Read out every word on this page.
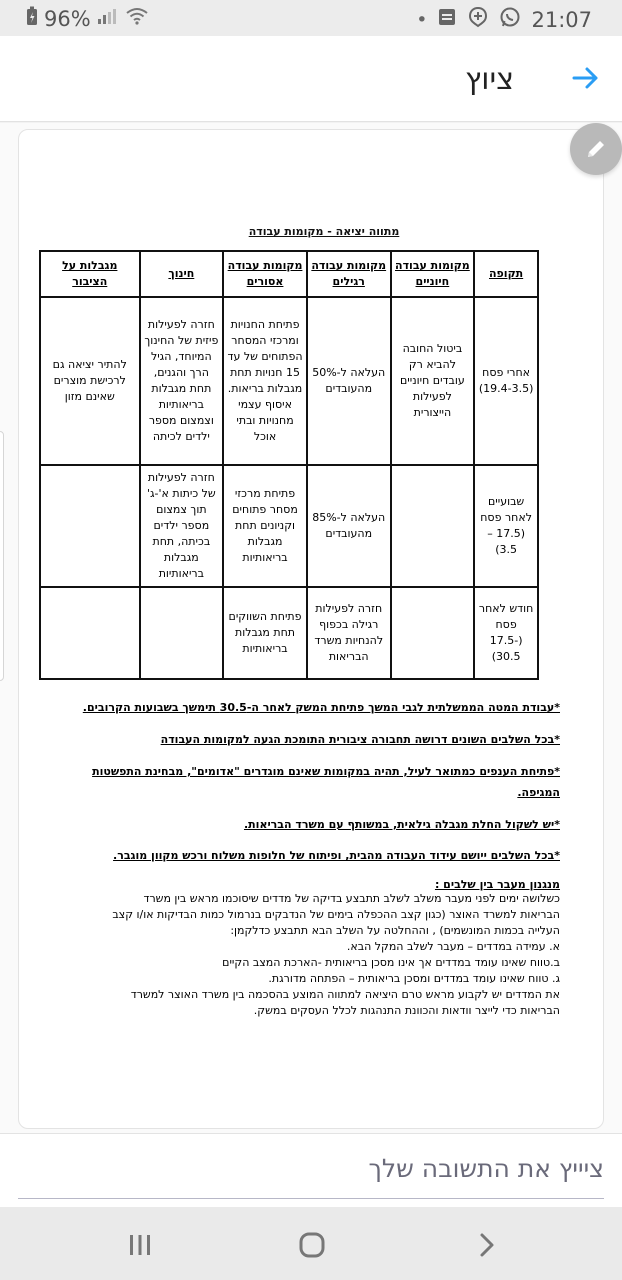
96%	•	21:07
ציוץ
מתווה יציאה - מקומות עבודה
תקופה	מקומות עבודה חיוניים	מקומות עבודה רגילים	מקומות עבודה אסורים	חינוך	מגבלות על הציבור
אחרי פסח (19.4-3.5)	ביטול החובה להביא רק עובדים חיוניים לפעילות הייצורית	העלאה ל-50% מהעובדים	פתיחת החנויות ומרכזי המסחר הפתוחים של עד 15 חנויות תחת מגבלות בריאות. איסוף עצמי מחנויות ובתי אוכל	חזרה לפעילות פיזית של החינוך המיוחד, הגיל הרך והגנים, תחת מגבלות בריאותיות וצמצום מספר ילדים לכיתה	להתיר יציאה גם לרכישת מוצרים שאינם מזון
שבועיים לאחר פסח (17.5 – 3.5)		העלאה ל-85% מהעובדים	פתיחת מרכזי מסחר פתוחים וקניונים תחת מגבלות בריאותיות	חזרה לפעילות של כיתות א'-ג' תוך צמצום מספר ילדים בכיתה, תחת מגבלות בריאותיות	
חודש לאחר פסח (17.5-30.5)		חזרה לפעילות רגילה בכפוף להנחיות משרד הבריאות	פתיחת השווקים תחת מגבלות בריאותיות		
*עבודת המטה הממשלתית לגבי המשך פתיחת המשק לאחר ה-30.5 תימשך בשבועות הקרובים.
*בכל השלבים השונים דרושה תחבורה ציבורית התומכת הגעה למקומות העבודה
*פתיחת הענפים כמתואר לעיל, תהיה במקומות שאינם מוגדרים "אדומים", מבחינת התפשטות המגיפה.
*יש לשקול החלת מגבלה גילאית, במשותף עם משרד הבריאות.
*בכל השלבים ייושם עידוד העבודה מהבית, ופיתוח של חלופות משלוח ורכש מקוון מוגבר.
מנגנון מעבר בין שלבים :
כשלושה ימים לפני מעבר משלב לשלב תתבצע בדיקה של מדדים שיסוכמו מראש בין משרד
הבריאות למשרד האוצר (כגון קצב ההכפלה בימים של הנדבקים בנרמול כמות הבדיקות או/ו קצב
העלייה בכמות המונשמים) , וההחלטה על השלב הבא תתבצע כדלקמן:
א. עמידה במדדים – מעבר לשלב המקל הבא.
ב.טווח שאינו עומד במדדים אך אינו מסכן בריאותית -הארכת המצב הקיים
ג. טווח שאינו עומד במדדים ומסכן בריאותית – הפתחה מדורגת.
את המדדים יש לקבוע מראש טרם היציאה למתווה המוצע בהסכמה בין משרד האוצר למשרד
הבריאות כדי לייצר וודאות והכוונת התנהגות לכלל העסקים במשק.
ציייץ את התשובה שלך
